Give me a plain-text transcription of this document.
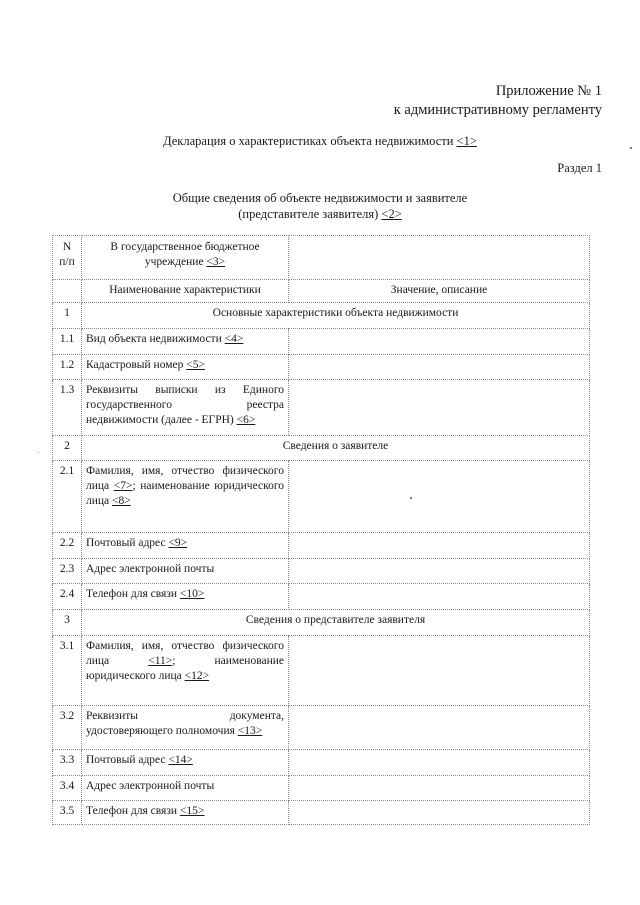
Приложение № 1
к административному регламенту
Декларация о характеристиках объекта недвижимости <1>
Раздел 1
Общие сведения об объекте недвижимости и заявителе
(представителе заявителя) <2>
N п/п	В государственное бюджетное учреждение <3>	
	Наименование характеристики	Значение, описание
1	Основные характеристики объекта недвижимости	
1.1	Вид объекта недвижимости <4>	
1.2	Кадастровый номер <5>	
1.3	Реквизиты выписки из Единого государственного реестра недвижимости (далее - ЕГРН) <6>	
2	Сведения о заявителе	
2.1	Фамилия, имя, отчество физического лица <7>; наименование юридического лица <8>	
2.2	Почтовый адрес <9>	
2.3	Адрес электронной почты	
2.4	Телефон для связи <10>	
3	Сведения о представителе заявителя	
3.1	Фамилия, имя, отчество физического лица <11>; наименование юридического лица <12>	
3.2	Реквизиты документа, удостоверяющего полномочия <13>	
3.3	Почтовый адрес <14>	
3.4	Адрес электронной почты	
3.5	Телефон для связи <15>	
